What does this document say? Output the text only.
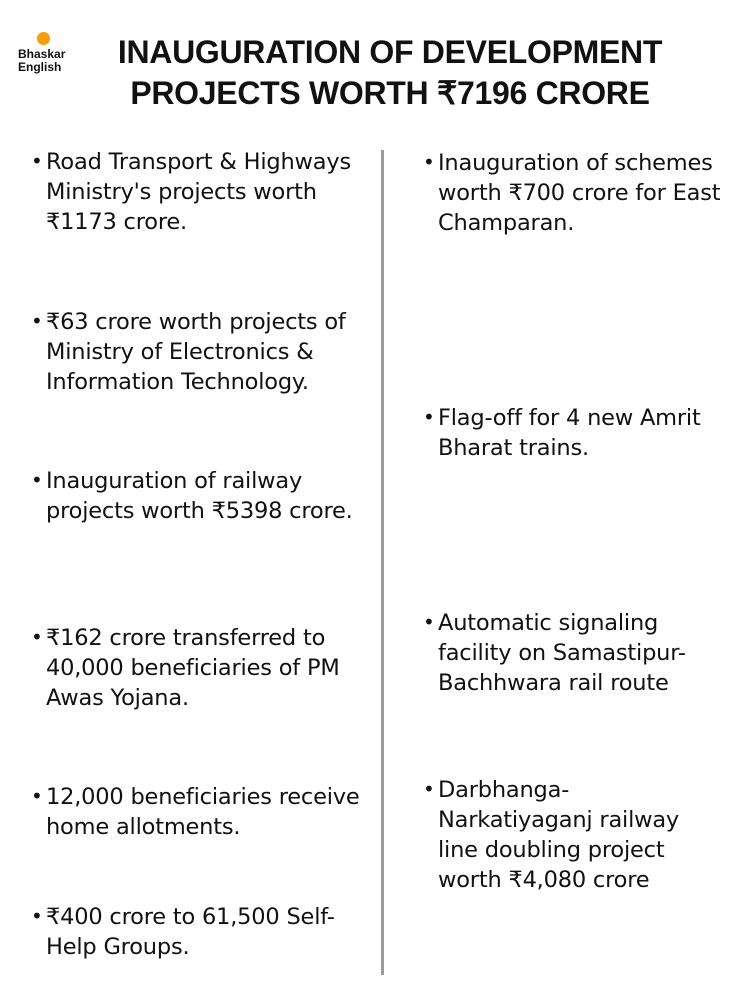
Bhaskar
English	INAUGURATION OF DEVELOPMENT
PROJECTS WORTH ₹7196 CRORE
• Road Transport & Highways Ministry's projects worth ₹1173 crore.
• ₹63 crore worth projects of Ministry of Electronics & Information Technology.
• Inauguration of railway projects worth ₹5398 crore.
• ₹162 crore transferred to 40,000 beneficiaries of PM Awas Yojana.
• 12,000 beneficiaries receive home allotments.
• ₹400 crore to 61,500 Self-Help Groups.
• Inauguration of schemes worth ₹700 crore for East Champaran.
• Flag-off for 4 new Amrit Bharat trains.
• Automatic signaling facility on Samastipur-Bachhwara rail route
• Darbhanga-Narkatiyaganj railway line doubling project worth ₹4,080 crore
